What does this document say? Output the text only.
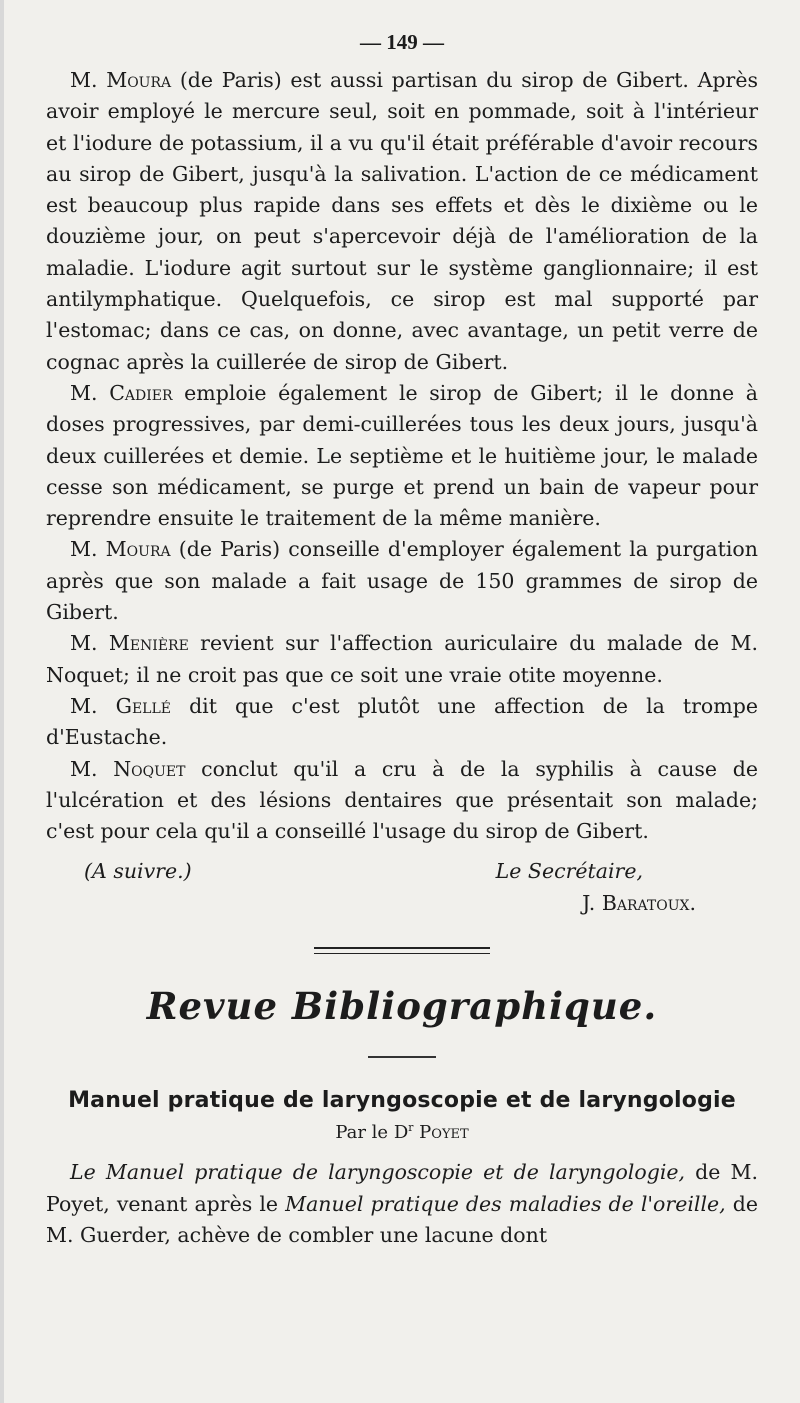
— 149 —

M. Moura (de Paris) est aussi partisan du sirop de Gibert. Après avoir employé le mercure seul, soit en pommade, soit à l'intérieur et l'iodure de potassium, il a vu qu'il était préférable d'avoir recours au sirop de Gibert, jusqu'à la salivation. L'action de ce médicament est beaucoup plus rapide dans ses effets et dès le dixième ou le douzième jour, on peut s'apercevoir déjà de l'amélioration de la maladie. L'iodure agit surtout sur le système ganglionnaire; il est antilymphatique. Quelquefois, ce sirop est mal supporté par l'estomac; dans ce cas, on donne, avec avantage, un petit verre de cognac après la cuillerée de sirop de Gibert.

M. Cadier emploie également le sirop de Gibert; il le donne à doses progressives, par demi-cuillerées tous les deux jours, jusqu'à deux cuillerées et demie. Le septième et le huitième jour, le malade cesse son médicament, se purge et prend un bain de vapeur pour reprendre ensuite le traitement de la même manière.

M. Moura (de Paris) conseille d'employer également la purgation après que son malade a fait usage de 150 grammes de sirop de Gibert.

M. Menière revient sur l'affection auriculaire du malade de M. Noquet; il ne croit pas que ce soit une vraie otite moyenne.

M. Gellé dit que c'est plutôt une affection de la trompe d'Eustache.

M. Noquet conclut qu'il a cru à de la syphilis à cause de l'ulcération et des lésions dentaires que présentait son malade; c'est pour cela qu'il a conseillé l'usage du sirop de Gibert.

(A suivre.)	Le Secrétaire,
J. Baratoux.
Revue Bibliographique.
Manuel pratique de laryngoscopie et de laryngologie
Par le $D^r$ Poyet

Le Manuel pratique de laryngoscopie et de laryngologie, de M. Poyet, venant après le Manuel pratique des maladies de l'oreille, de M. Guerder, achève de combler une lacune dont
